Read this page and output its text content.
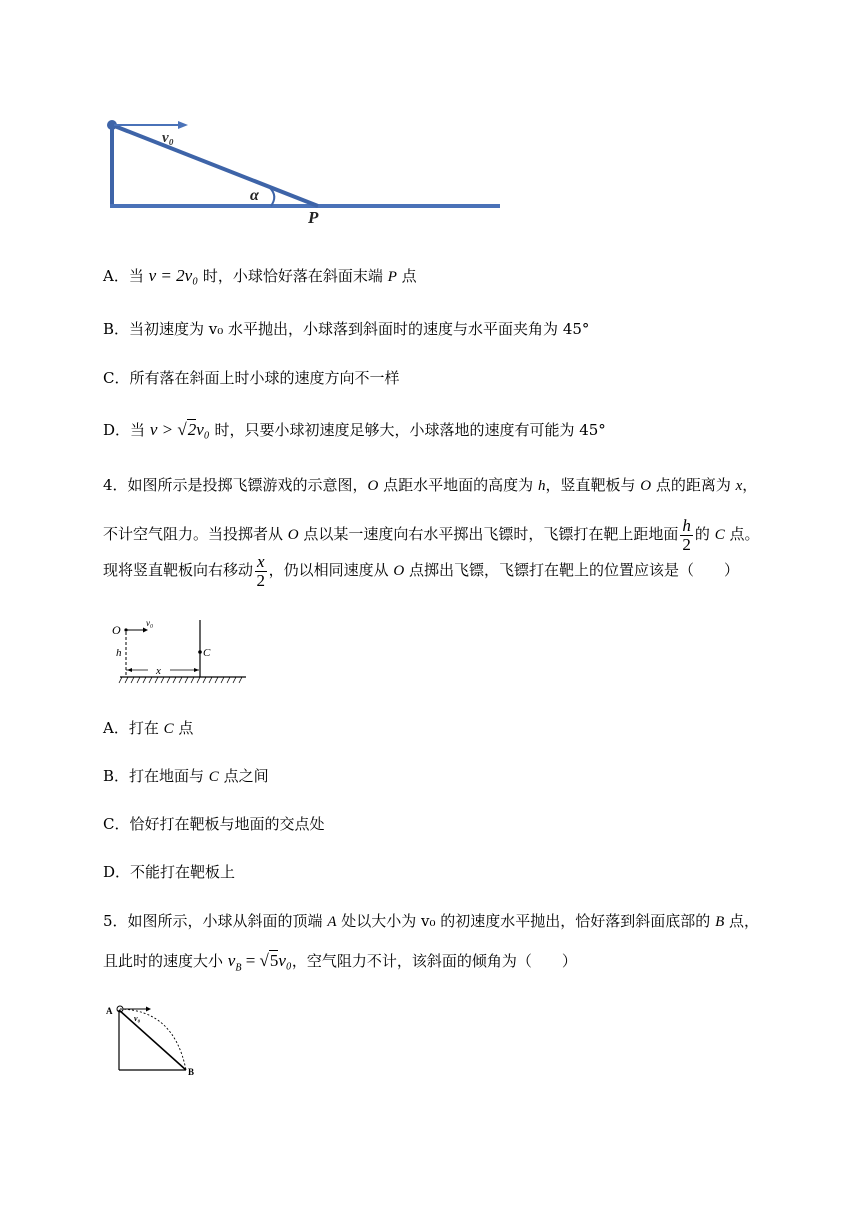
v₀
α
P
A．当 v = 2v₀ 时，小球恰好落在斜面末端 P 点
B．当初速度为 v₀ 水平抛出，小球落到斜面时的速度与水平面夹角为 45°
C．所有落在斜面上时小球的速度方向不一样
D．当 v > √2v₀ 时，只要小球初速度足够大，小球落地的速度有可能为 45°
4．如图所示是投掷飞镖游戏的示意图，O 点距水平地面的高度为 h，竖直靶板与 O 点的距离为 x，
不计空气阻力。当投掷者从 O 点以某一速度向右水平掷出飞镖时，飞镖打在靶上距地面 $\frac{h}{2}$ 的 C 点。
现将竖直靶板向右移动 $\frac{x}{2}$ ，仍以相同速度从 O 点掷出飞镖，飞镖打在靶上的位置应该是（　　）
O	v₀
h	C
x
A．打在 C 点
B．打在地面与 C 点之间
C．恰好打在靶板与地面的交点处
D．不能打在靶板上
5．如图所示，小球从斜面的顶端 A 处以大小为 v₀ 的初速度水平抛出，恰好落到斜面底部的 B 点，
且此时的速度大小 $v_B = √5v_0$，空气阻力不计，该斜面的倾角为（　　）
A
v₀
B
